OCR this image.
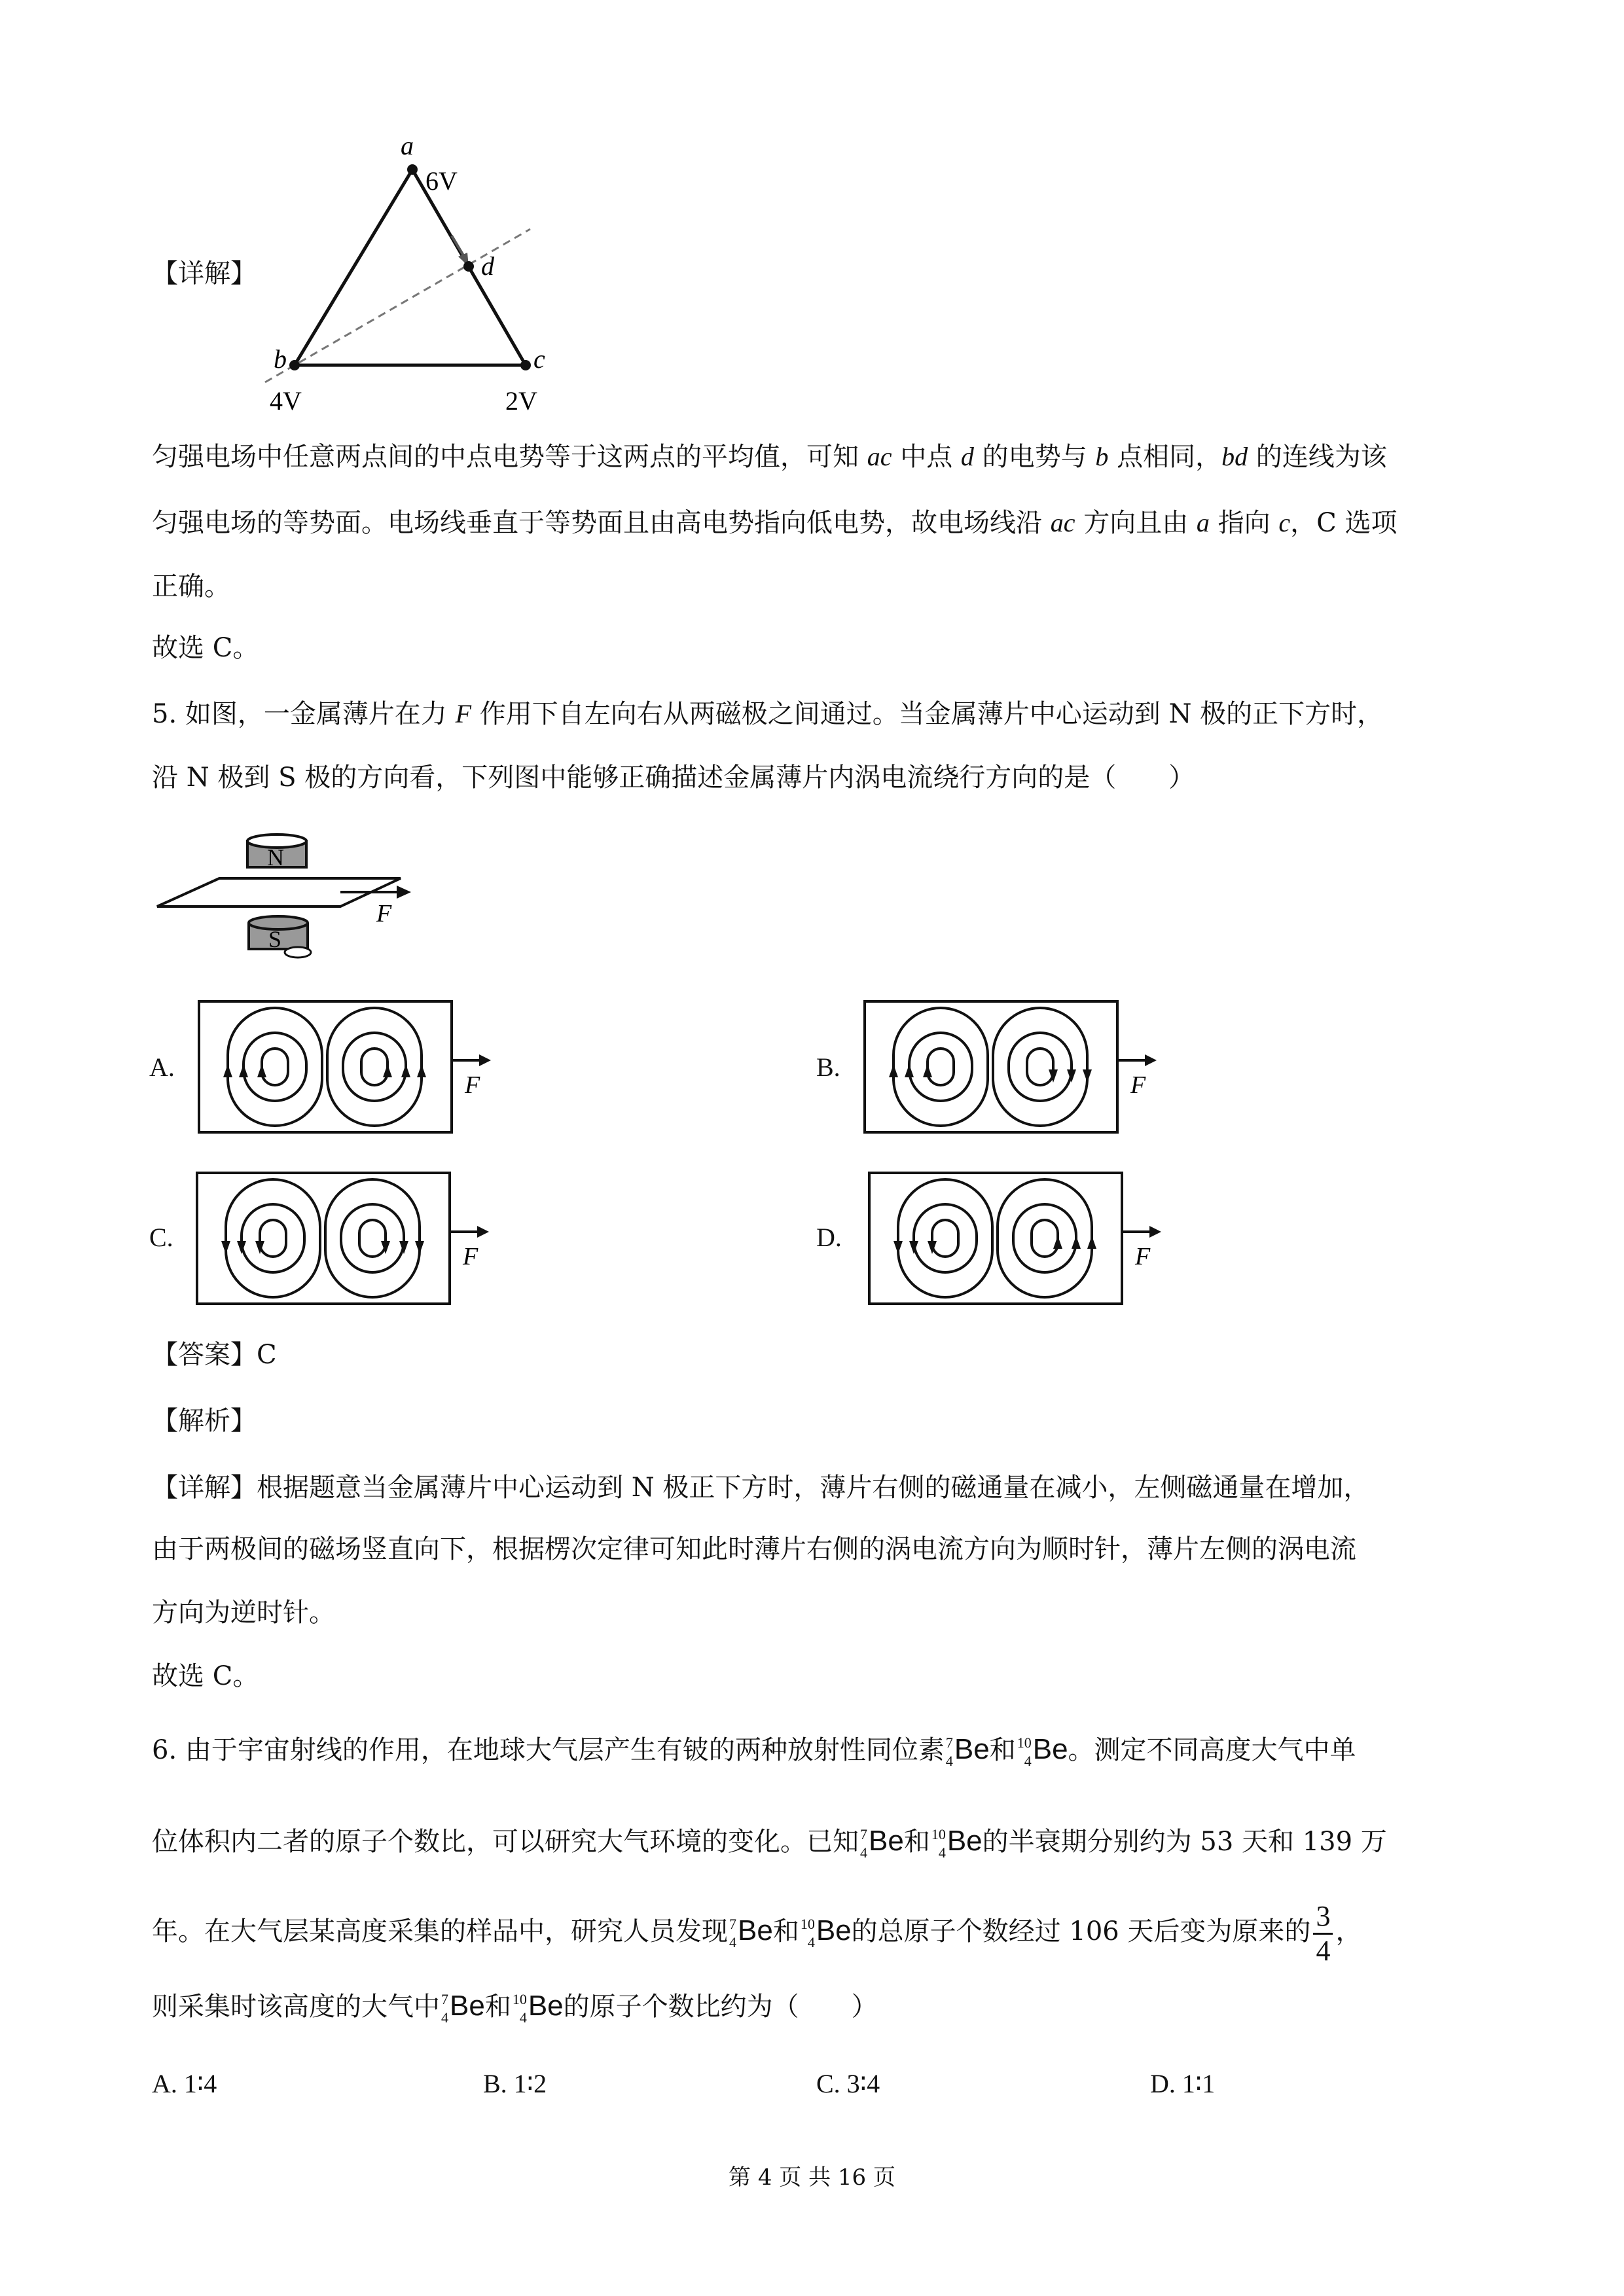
a
6V
d
b
4V
c
2V
【详解】
匀强电场中任意两点间的中点电势等于这两点的平均值，可知 ac 中点 d 的电势与 b 点相同，bd 的连线为该
匀强电场的等势面。电场线垂直于等势面且由高电势指向低电势，故电场线沿 ac 方向且由 a 指向 c，C 选项
正确。
故选 C。
5. 如图，一金属薄片在力 F 作用下自左向右从两磁极之间通过。当金属薄片中心运动到 N 极的正下方时，
沿 N 极到 S 极的方向看，下列图中能够正确描述金属薄片内涡电流绕行方向的是（　　）
N
F
S
A.	B.
C.	D.
F	F
F	F
【答案】C
【解析】
【详解】根据题意当金属薄片中心运动到 N 极正下方时，薄片右侧的磁通量在减小，左侧磁通量在增加，
由于两极间的磁场竖直向下，根据楞次定律可知此时薄片右侧的涡电流方向为顺时针，薄片左侧的涡电流
方向为逆时针。
故选 C。
6. 由于宇宙射线的作用，在地球大气层产生有铍的两种放射性同位素 7
4 Be和 10
4 Be。测定不同高度大气中单
位体积内二者的原子个数比，可以研究大气环境的变化。已知 7
4 Be和 10
4 Be的半衰期分别约为 53 天和 139 万
年。在大气层某高度采集的样品中，研究人员发现 7
4 Be和 10
4 Be的总原子个数经过 106 天后变为原来的 $\frac{3}{4}$ ，
则采集时该高度的大气中 7
4 Be和 10
4 Be的原子个数比约为（　　）
A. 1∶4	B. 1∶2	C. 3∶4	D. 1∶1
第 4 页 共 16 页
